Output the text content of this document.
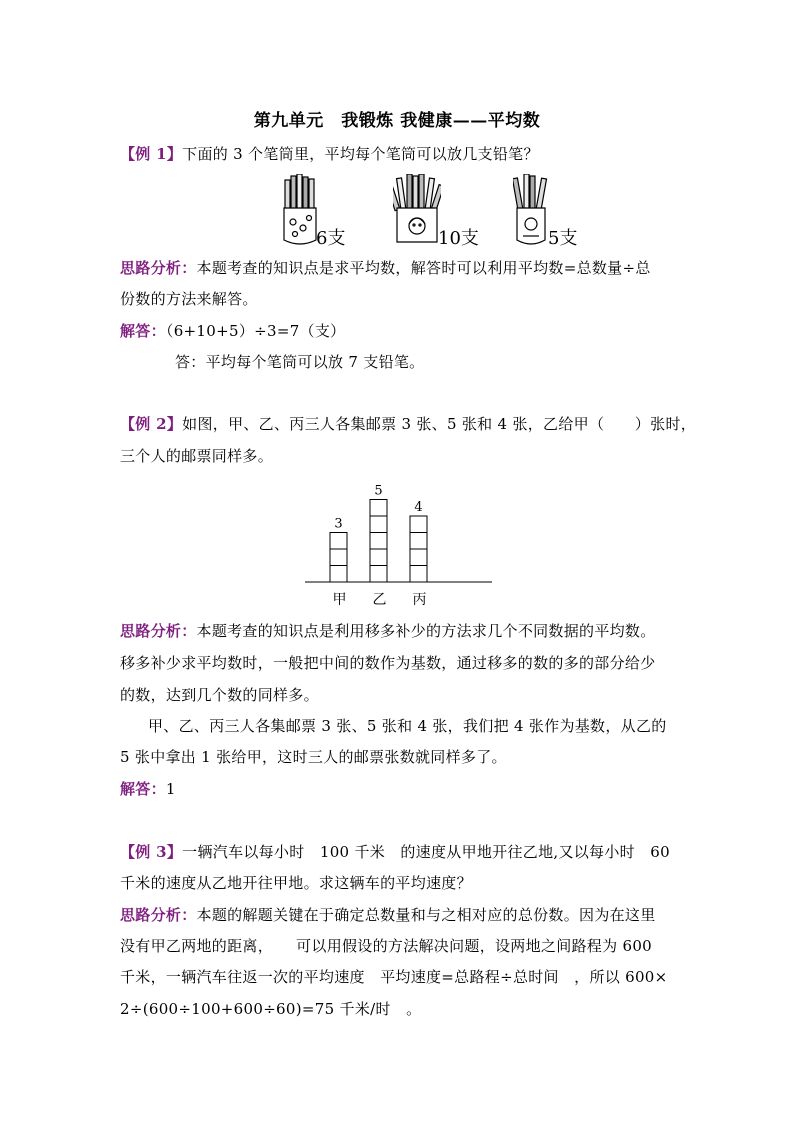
第九单元　我锻炼 我健康——平均数
【例 1】下面的 3 个笔筒里，平均每个笔筒可以放几支铅笔？
6支	10支	5支
思路分析：本题考查的知识点是求平均数，解答时可以利用平均数=总数量÷总
份数的方法来解答。
解答：（6+10+5）÷3=7（支）
答：平均每个笔筒可以放 7 支铅笔。
【例 2】如图，甲、乙、丙三人各集邮票 3 张、5 张和 4 张，乙给甲（　　）张时，
三个人的邮票同样多。
3
甲
5
乙
4
丙
思路分析：本题考查的知识点是利用移多补少的方法求几个不同数据的平均数。
移多补少求平均数时，一般把中间的数作为基数，通过移多的数的多的部分给少
的数，达到几个数的同样多。
甲、乙、丙三人各集邮票 3 张、5 张和 4 张，我们把 4 张作为基数，从乙的
5 张中拿出 1 张给甲，这时三人的邮票张数就同样多了。
解答：1
【例 3】一辆汽车以每小时　100 千米　的速度从甲地开往乙地,又以每小时　60
千米的速度从乙地开往甲地。求这辆车的平均速度？
思路分析：本题的解题关键在于确定总数量和与之相对应的总份数。因为在这里
没有甲乙两地的距离，　　可以用假设的方法解决问题，设两地之间路程为 600
千米，一辆汽车往返一次的平均速度　平均速度=总路程÷总时间　，所以 600×
2÷(600÷100+600÷60)=75 千米/时　。
